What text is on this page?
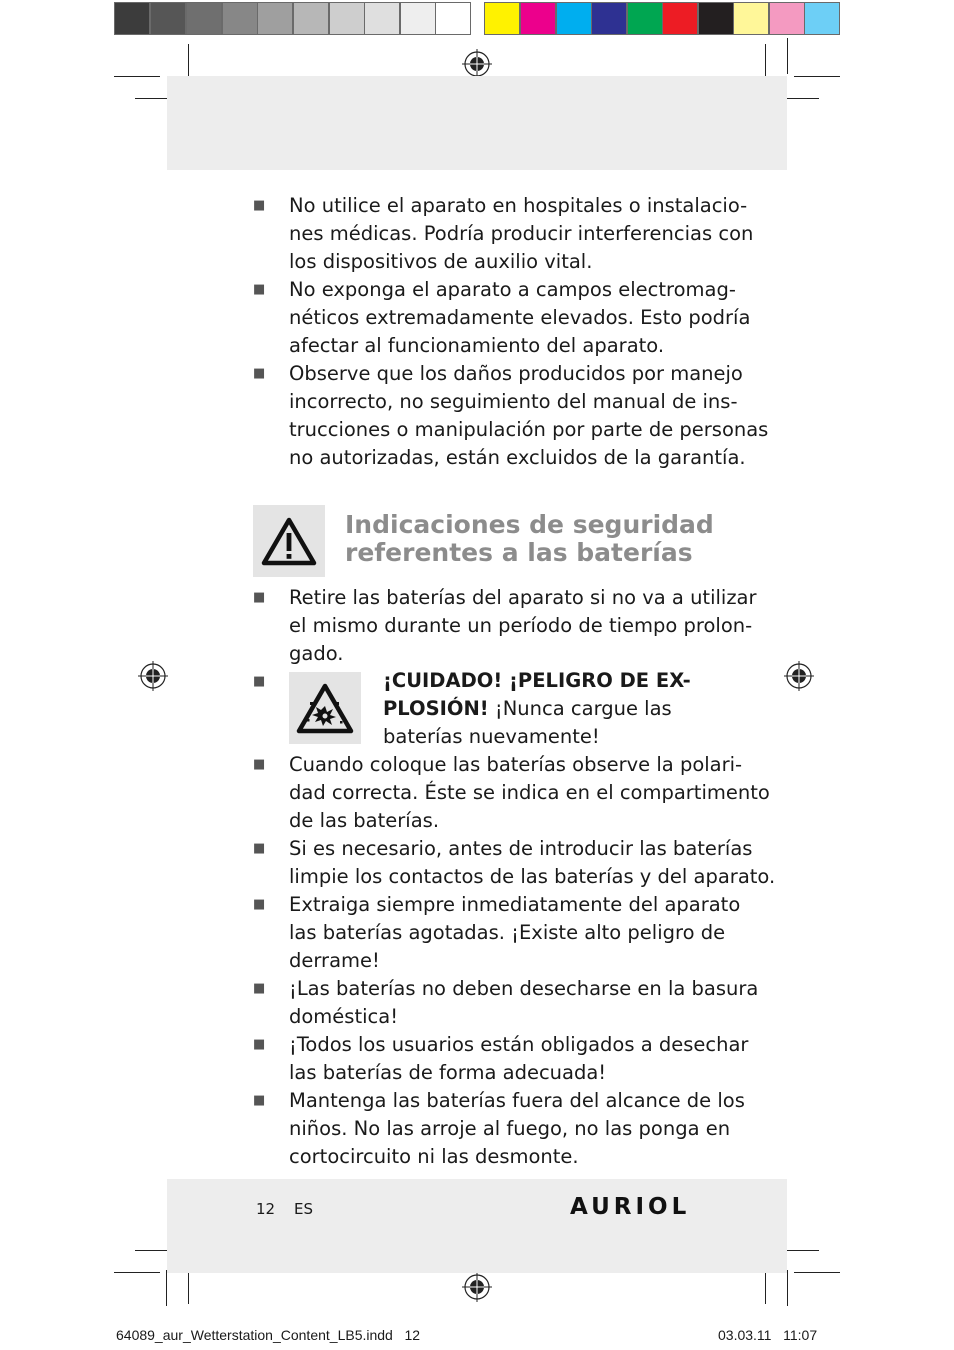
■ No utilice el aparato en hospitales o instalacio-
nes médicas. Podría producir interferencias con
los dispositivos de auxilio vital.
■ No exponga el aparato a campos electromag-
néticos extremadamente elevados. Esto podría
afectar al funcionamiento del aparato.
■ Observe que los daños producidos por manejo
incorrecto, no seguimiento del manual de ins-
trucciones o manipulación por parte de personas
no autorizadas, están excluidos de la garantía.
Indicaciones de seguridad
referentes a las baterías
■ Retire las baterías del aparato si no va a utilizar
el mismo durante un período de tiempo prolon-
gado.
■	¡CUIDADO! ¡PELIGRO DE EX-
PLOSIÓN! ¡Nunca cargue las
baterías nuevamente!
■ Cuando coloque las baterías observe la polari-
dad correcta. Éste se indica en el compartimento
de las baterías.
■ Si es necesario, antes de introducir las baterías
limpie los contactos de las baterías y del aparato.
■ Extraiga siempre inmediatamente del aparato
las baterías agotadas. ¡Existe alto peligro de
derrame!
■ ¡Las baterías no deben desecharse en la basura
doméstica!
■ ¡Todos los usuarios están obligados a desechar
las baterías de forma adecuada!
■ Mantenga las baterías fuera del alcance de los
niños. No las arroje al fuego, no las ponga en
cortocircuito ni las desmonte.
12 ES	AURIOL
64089_aur_Wetterstation_Content_LB5.indd   12	03.03.11   11:07
